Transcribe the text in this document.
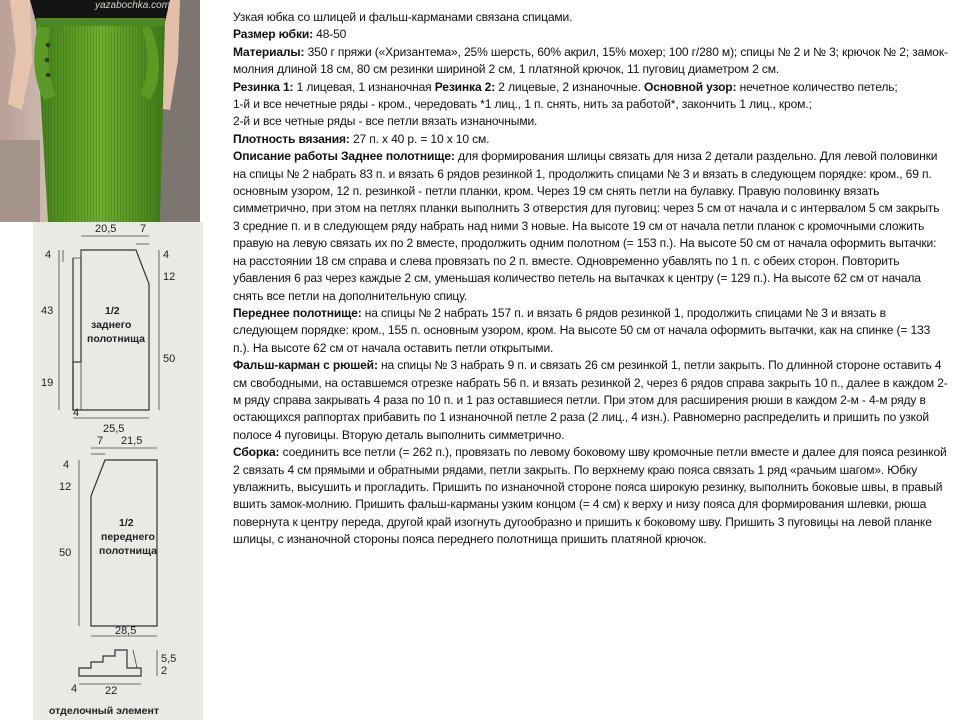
yazabochka.com
20,5 7
4
43
19
4
12
50
4
25,5
1/2
заднего
полотнища
7 21,5
4
12
50
28,5
1/2
переднего
полотнища
5,5
2
4	22
отделочный элемент

Узкая юбка со шлицей и фальш-карманами связана спицами.

Размер юбки: 48-50

Материалы: 350 г пряжи («Хризантема», 25% шерсть, 60% акрил, 15% мохер; 100 г/280 м); спицы № 2 и № 3; крючок № 2; замок-молния длиной 18 см, 80 см резинки шириной 2 см, 1 платяной крючок, 11 пуговиц диаметром 2 см.

Резинка 1: 1 лицевая, 1 изнаночная Резинка 2: 2 лицевые, 2 изнаночные. Основной узор: нечетное количество петель;

1-й и все нечетные ряды - кром., чередовать *1 лиц., 1 п. снять, нить за работой*, закончить 1 лиц., кром.;

2-й и все четные ряды - все петли вязать изнаночными.

Плотность вязания: 27 п. х 40 р. = 10 х 10 см.

Описание работы Заднее полотнище: для формирования шлицы связать для низа 2 детали раздельно. Для левой половинки на спицы № 2 набрать 83 п. и вязать 6 рядов резинкой 1, продолжить спицами № 3 и вязать в следующем порядке: кром., 69 п. основным узором, 12 п. резинкой - петли планки, кром. Через 19 см снять петли на булавку. Правую половинку вязать симметрично, при этом на петлях планки выполнить 3 отверстия для пуговиц: через 5 см от начала и с интервалом 5 см закрыть 3 средние п. и в следующем ряду набрать над ними 3 новые. На высоте 19 см от начала петли планок с кромочными сложить правую на левую связать их по 2 вместе, продолжить одним полотном (= 153 п.). На высоте 50 см от начала оформить вытачки: на расстоянии 18 см справа и слева провязать по 2 п. вместе. Одновременно убавлять по 1 п. с обеих сторон. Повторить убавления 6 раз через каждые 2 см, уменьшая количество петель на вытачках к центру (= 129 п.). На высоте 62 см от начала снять все петли на дополнительную спицу.

Переднее полотнище: на спицы № 2 набрать 157 п. и вязать 6 рядов резинкой 1, продолжить спицами № 3 и вязать в следующем порядке: кром., 155 п. основным узором, кром. На высоте 50 см от начала оформить вытачки, как на спинке (= 133 п.). На высоте 62 см от начала оставить петли открытыми.

Фальш-карман с рюшей: на спицы № 3 набрать 9 п. и связать 26 см резинкой 1, петли закрыть. По длинной стороне оставить 4 см свободными, на оставшемся отрезке набрать 56 п. и вязать резинкой 2, через 6 рядов справа закрыть 10 п., далее в каждом 2-м ряду справа закрывать 4 раза по 10 п. и 1 раз оставшиеся петли. При этом для расширения рюши в каждом 2-м - 4-м ряду в остающихся раппортах прибавить по 1 изнаночной петле 2 раза (2 лиц., 4 изн.). Равномерно распределить и пришить по узкой полосе 4 пуговицы. Вторую деталь выполнить симметрично.

Сборка: соединить все петли (= 262 п.), провязать по левому боковому шву кромочные петли вместе и далее для пояса резинкой 2 связать 4 см прямыми и обратными рядами, петли закрыть. По верхнему краю пояса связать 1 ряд «рачьим шагом». Юбку увлажнить, высушить и прогладить. Пришить по изнаночной стороне пояса широкую резинку, выполнить боковые швы, в правый вшить замок-молнию. Пришить фальш-карманы узким концом (= 4 см) к верху и низу пояса для формирования шлевки, рюша повернута к центру переда, другой край изогнуть дугообразно и пришить к боковому шву. Пришить 3 пуговицы на левой планке шлицы, с изнаночной стороны пояса переднего полотнища пришить платяной крючок.
